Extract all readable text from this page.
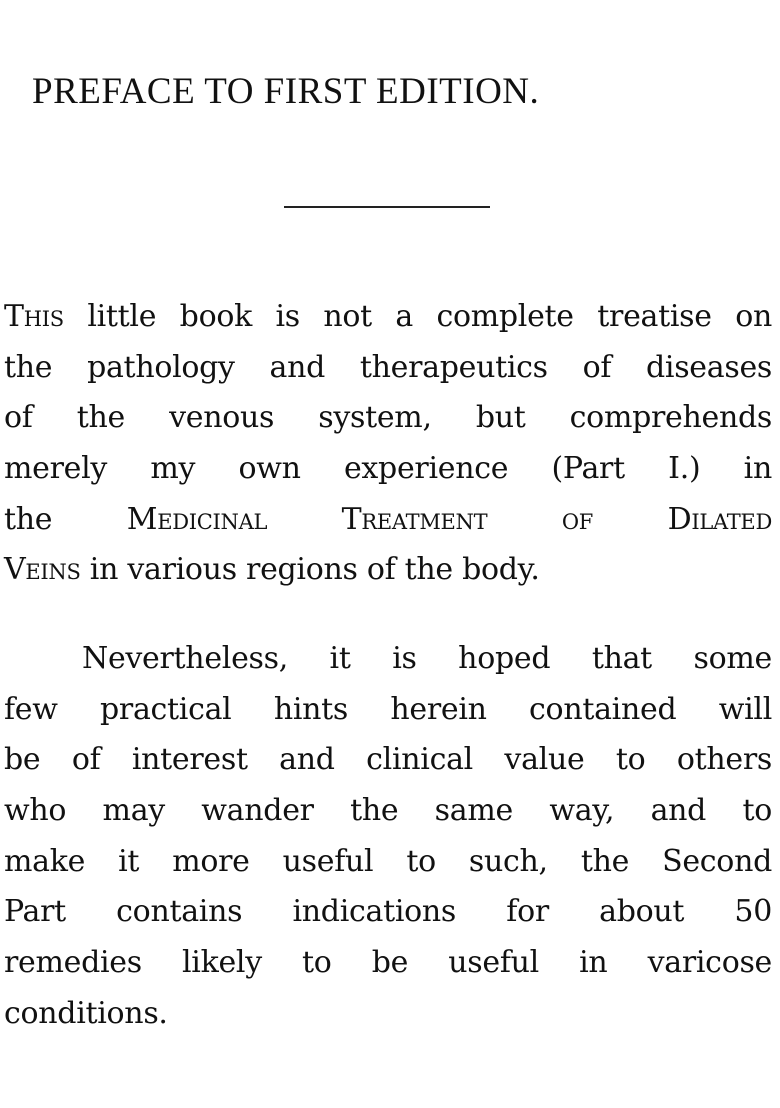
PREFACE TO FIRST EDITION.
This little book is not a complete treatise on
the pathology and therapeutics of diseases
of the venous system, but comprehends
merely my own experience (Part I.) in
the Medicinal Treatment of Dilated
Veins in various regions of the body.
Nevertheless, it is hoped that some
few practical hints herein contained will
be of interest and clinical value to others
who may wander the same way, and to
make it more useful to such, the Second
Part contains indications for about 50
remedies likely to be useful in varicose
conditions.
